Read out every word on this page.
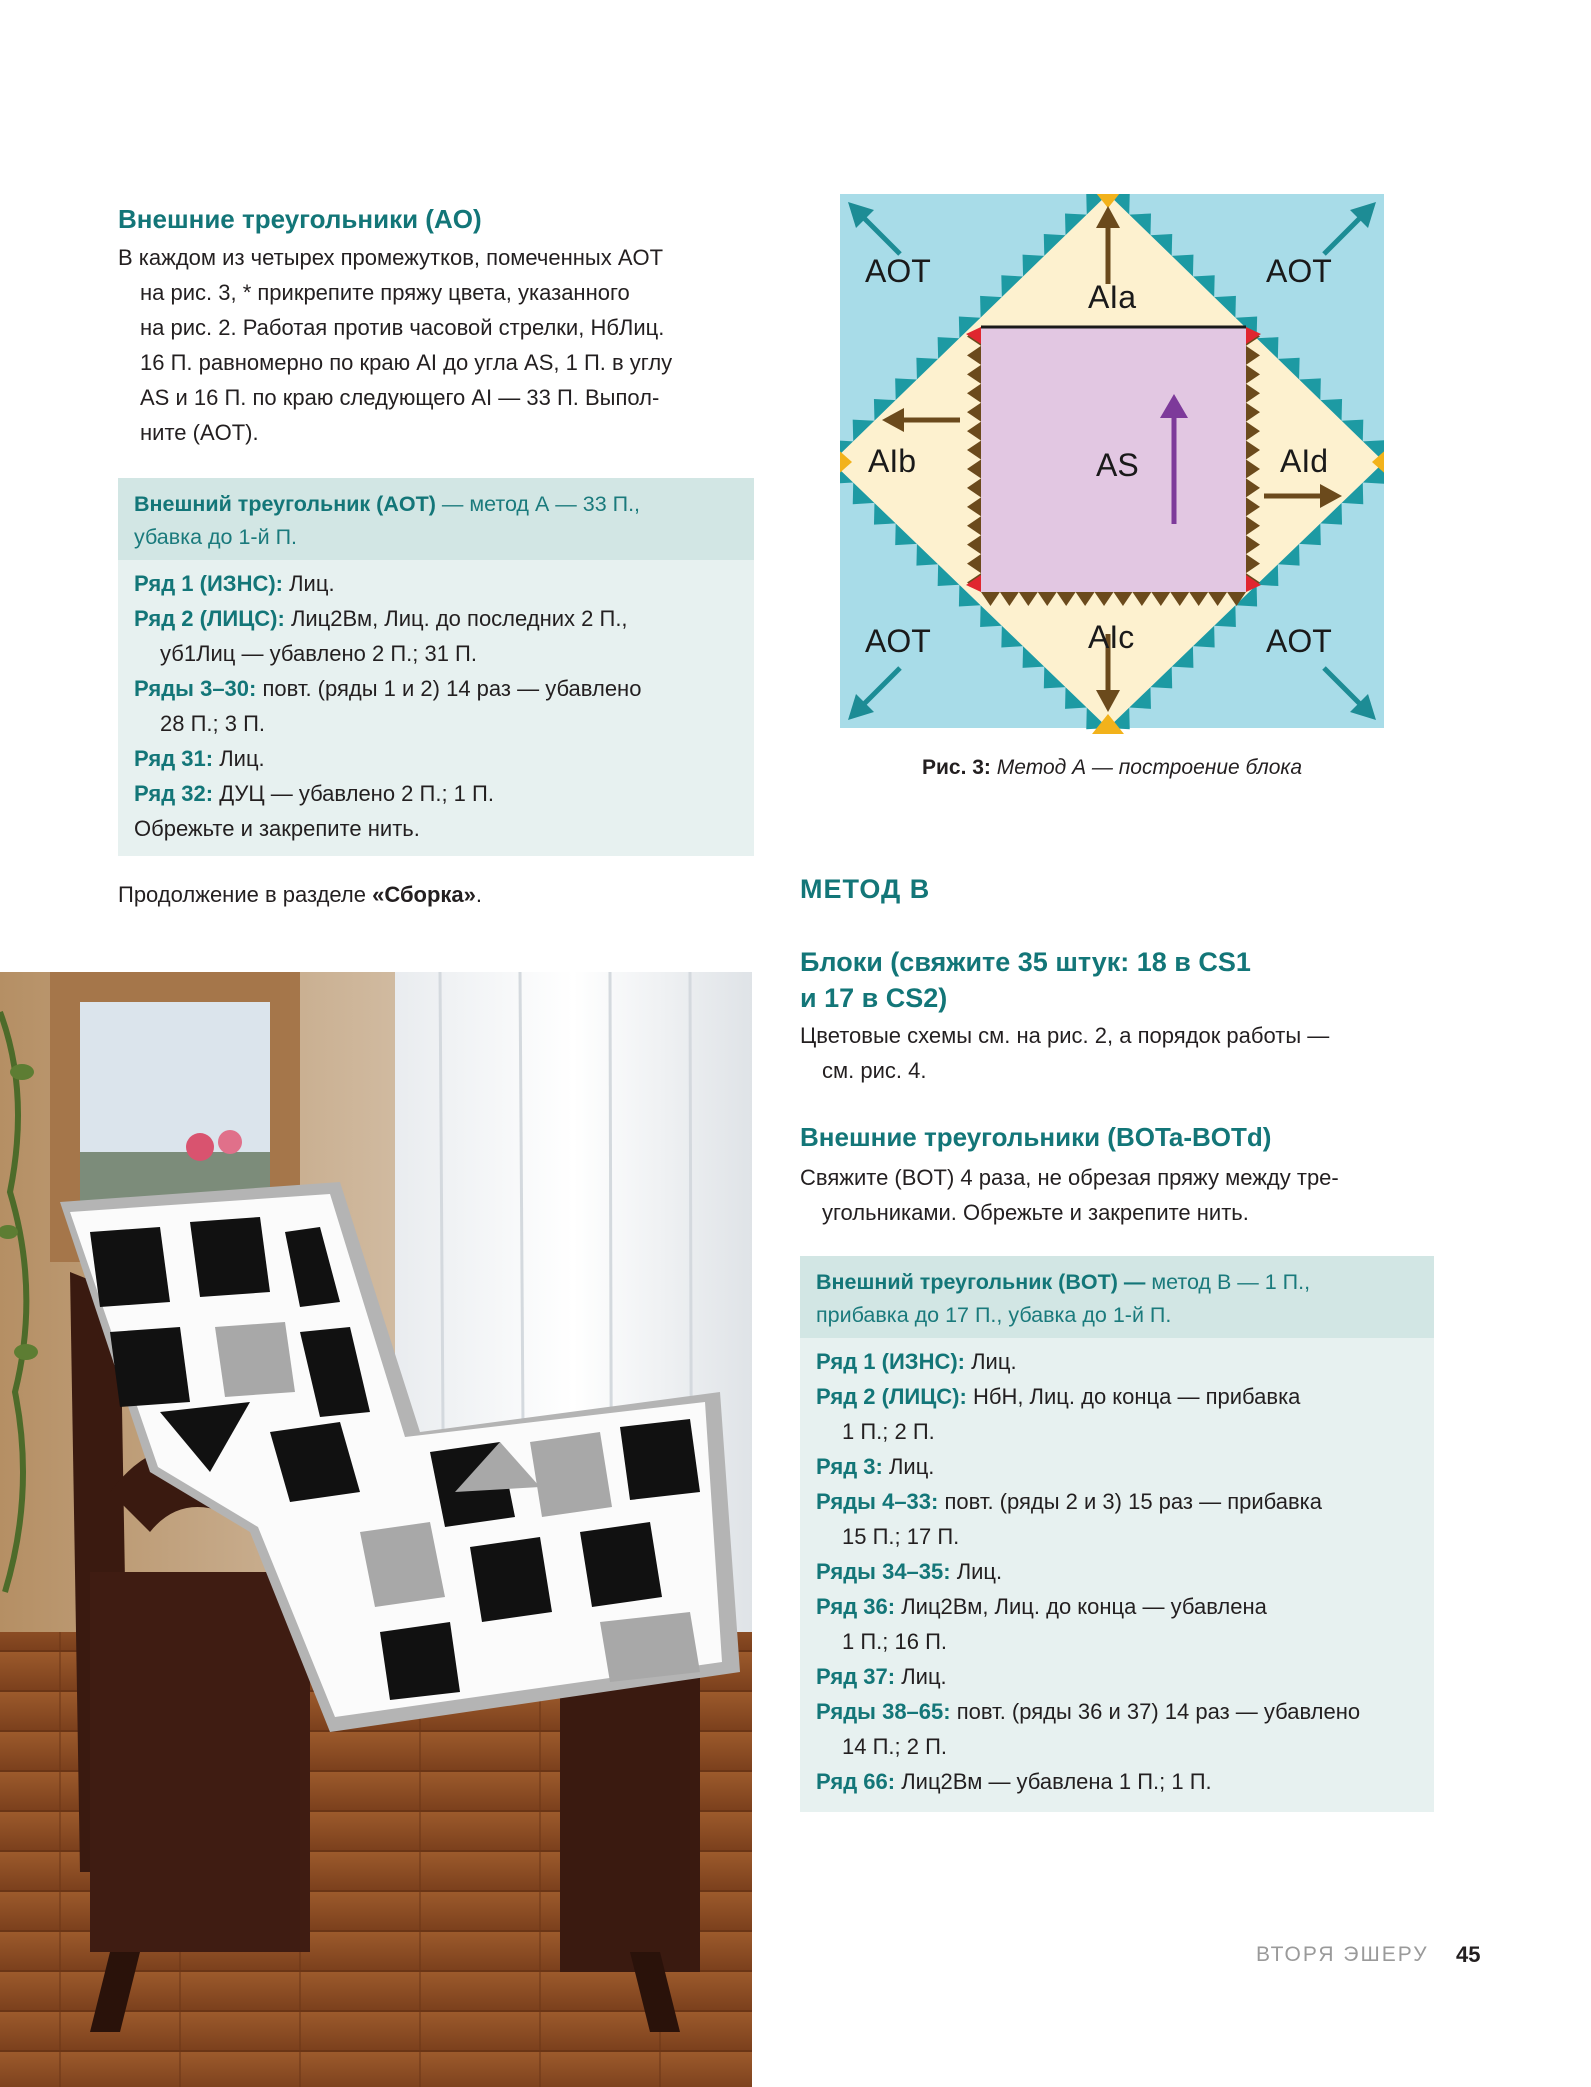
Внешние треугольники (AO)

В каждом из четырех промежутков, помеченных AOT

на рис. 3, * прикрепите пряжу цвета, указанного

на рис. 2. Работая против часовой стрелки, НбЛиц.

16 П. равномерно по краю AI до угла AS, 1 П. в углу

AS и 16 П. по краю следующего AI — 33 П. Выпол-

ните (AOT).

Внешний треугольник (AOT) — метод А — 33 П.,
убавка до 1-й П.

Ряд 1 (ИЗНС): Лиц.

Ряд 2 (ЛИЦС): Лиц2Вм, Лиц. до последних 2 П.,

уб1Лиц — убавлено 2 П.; 31 П.

Ряды 3–30: повт. (ряды 1 и 2) 14 раз — убавлено

28 П.; 3 П.

Ряд 31: Лиц.

Ряд 32: ДУЦ — убавлено 2 П.; 1 П.

Обрежьте и закрепите нить.

Продолжение в разделе «Сборка».
AOT	AOT
AOT	AOT
AIa
AIb
AIc
AId
AS
Рис. 3: Метод А — построение блока
МЕТОД В
Блоки (свяжите 35 штук: 18 в CS1
и 17 в CS2)

Цветовые схемы см. на рис. 2, а порядок работы —

см. рис. 4.

Внешние треугольники (BOTa-BOTd)

Свяжите (BOT) 4 раза, не обрезая пряжу между тре-

угольниками. Обрежьте и закрепите нить.

Внешний треугольник (BOT) — метод В — 1 П.,
прибавка до 17 П., убавка до 1-й П.

Ряд 1 (ИЗНС): Лиц.

Ряд 2 (ЛИЦС): НбН, Лиц. до конца — прибавка

1 П.; 2 П.

Ряд 3: Лиц.

Ряды 4–33: повт. (ряды 2 и 3) 15 раз — прибавка

15 П.; 17 П.

Ряды 34–35: Лиц.

Ряд 36: Лиц2Вм, Лиц. до конца — убавлена

1 П.; 16 П.

Ряд 37: Лиц.

Ряды 38–65: повт. (ряды 36 и 37) 14 раз — убавлено

14 П.; 2 П.

Ряд 66: Лиц2Вм — убавлена 1 П.; 1 П.

ВТОРЯ ЭШЕРУ 45
